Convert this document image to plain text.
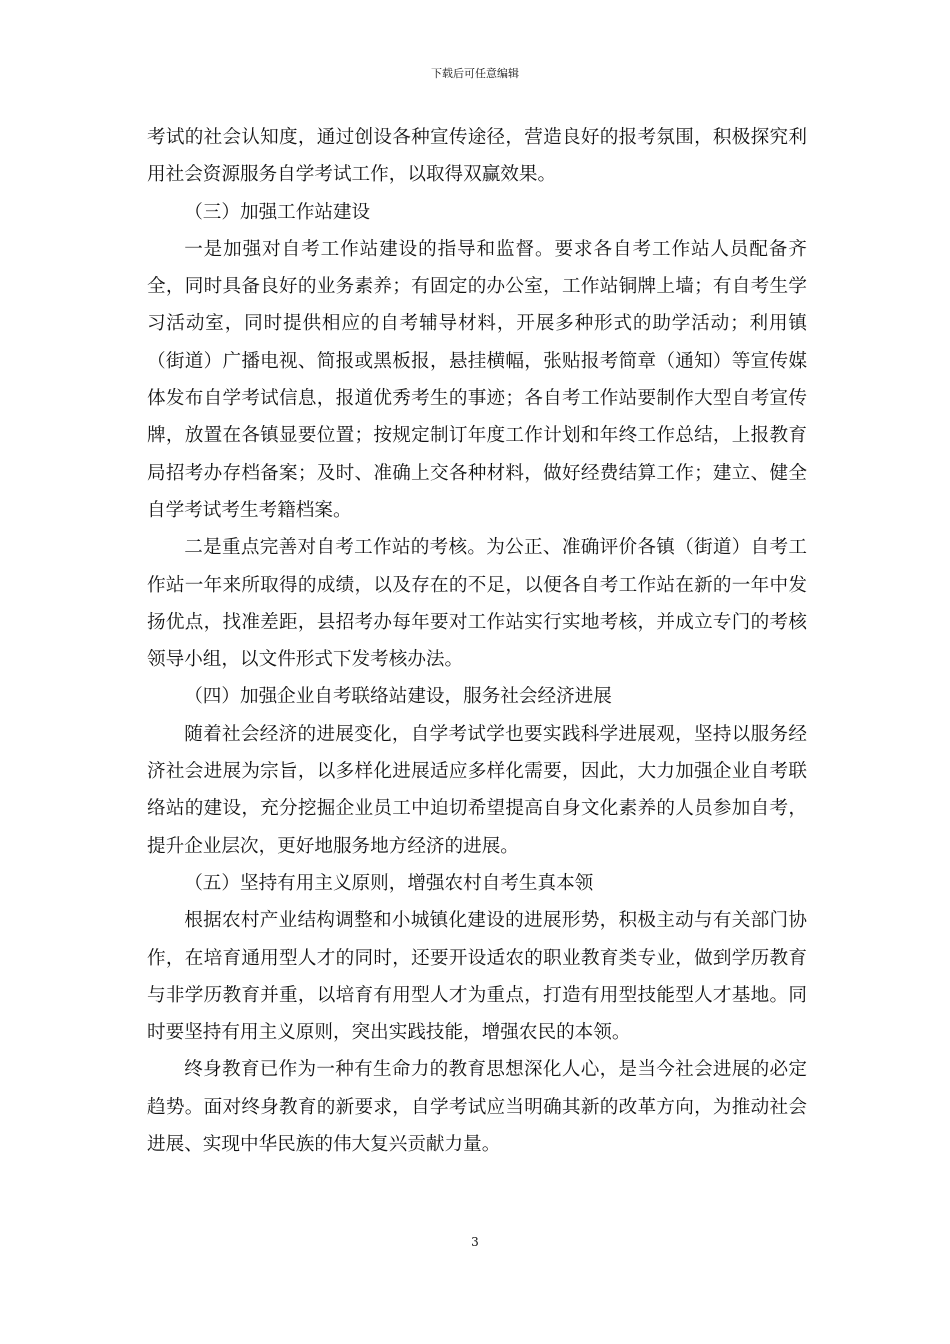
下载后可任意编辑

考试的社会认知度，通过创设各种宣传途径，营造良好的报考氛围，积极探究利用社会资源服务自学考试工作，以取得双赢效果。

（三）加强工作站建设

一是加强对自考工作站建设的指导和监督。要求各自考工作站人员配备齐全，同时具备良好的业务素养；有固定的办公室，工作站铜牌上墙；有自考生学习活动室，同时提供相应的自考辅导材料，开展多种形式的助学活动；利用镇（街道）广播电视、简报或黑板报，悬挂横幅，张贴报考简章（通知）等宣传媒体发布自学考试信息，报道优秀考生的事迹；各自考工作站要制作大型自考宣传牌，放置在各镇显要位置；按规定制订年度工作计划和年终工作总结，上报教育局招考办存档备案；及时、准确上交各种材料，做好经费结算工作；建立、健全自学考试考生考籍档案。

二是重点完善对自考工作站的考核。为公正、准确评价各镇（街道）自考工作站一年来所取得的成绩，以及存在的不足，以便各自考工作站在新的一年中发扬优点，找准差距，县招考办每年要对工作站实行实地考核，并成立专门的考核领导小组，以文件形式下发考核办法。

（四）加强企业自考联络站建设，服务社会经济进展

随着社会经济的进展变化，自学考试学也要实践科学进展观，坚持以服务经济社会进展为宗旨，以多样化进展适应多样化需要，因此，大力加强企业自考联络站的建设，充分挖掘企业员工中迫切希望提高自身文化素养的人员参加自考，提升企业层次，更好地服务地方经济的进展。

（五）坚持有用主义原则，增强农村自考生真本领

根据农村产业结构调整和小城镇化建设的进展形势，积极主动与有关部门协作，在培育通用型人才的同时，还要开设适农的职业教育类专业，做到学历教育与非学历教育并重，以培育有用型人才为重点，打造有用型技能型人才基地。同时要坚持有用主义原则，突出实践技能，增强农民的本领。

终身教育已作为一种有生命力的教育思想深化人心，是当今社会进展的必定趋势。面对终身教育的新要求，自学考试应当明确其新的改革方向，为推动社会进展、实现中华民族的伟大复兴贡献力量。

3
